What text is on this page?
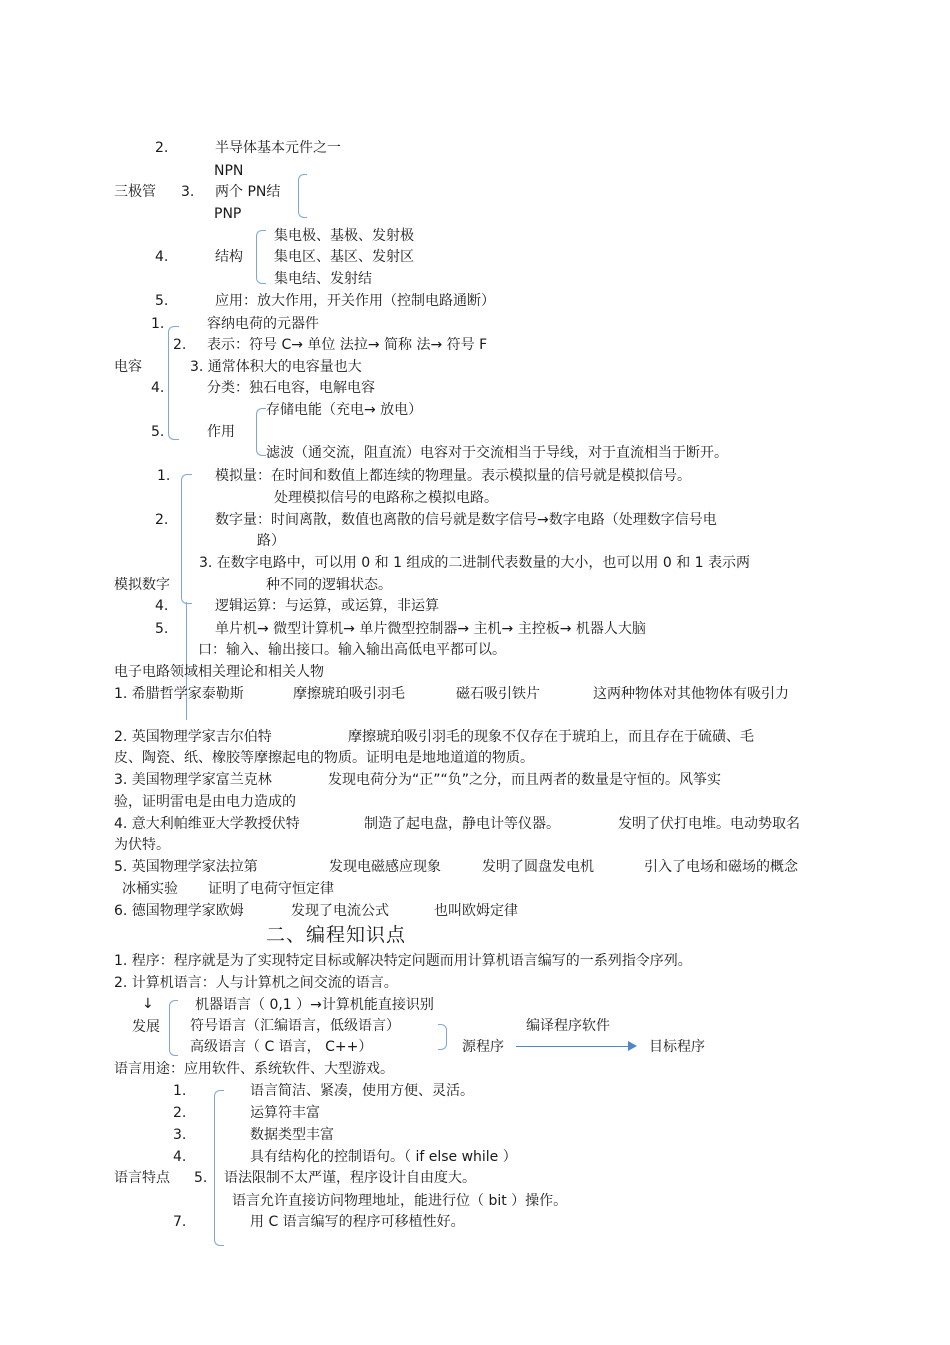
2.	半导体基本元件之一
NPN
三极管 3. 两个 PN结
PNP
4.	结构
集电极、基极、发射极
集电区、基区、发射区
集电结、发射结
5.	应用：放大作用，开关作用（控制电路通断）
1.	容纳电荷的元器件
2. 表示：符号 C→ 单位 法拉→ 简称 法→ 符号 F
电容	3. 通常体积大的电容量也大
4.	分类：独石电容，电解电容
存储电能（充电→ 放电）
5.	作用
滤波（通交流，阻直流）电容对于交流相当于导线，对于直流相当于断开。
1.	模拟量：在时间和数值上都连续的物理量。表示模拟量的信号就是模拟信号。
处理模拟信号的电路称之模拟电路。
2.	数字量：时间离散，数值也离散的信号就是数字信号→数字电路（处理数字信号电
路）
3. 在数字电路中，可以用 0 和 1 组成的二进制代表数量的大小，也可以用 0 和 1 表示两
模拟数字	种不同的逻辑状态。
4.	逻辑运算：与运算，或运算，非运算
5.	单片机→ 微型计算机→ 单片微型控制器→ 主机→ 主控板→ 机器人大脑
口：输入、输出接口。输入输出高低电平都可以。
电子电路领域相关理论和相关人物
1. 希腊哲学家泰勒斯	摩擦琥珀吸引羽毛	磁石吸引铁片	这两种物体对其他物体有吸引力
2. 英国物理学家吉尔伯特	摩擦琥珀吸引羽毛的现象不仅存在于琥珀上，而且存在于硫磺、毛
皮、陶瓷、纸、橡胶等摩擦起电的物质。证明电是地地道道的物质。
3. 美国物理学家富兰克林	发现电荷分为“正”“负”之分，而且两者的数量是守恒的。风筝实
验，证明雷电是由电力造成的
4. 意大利帕维亚大学教授伏特	制造了起电盘，静电计等仪器。	发明了伏打电堆。电动势取名
为伏特。
5. 英国物理学家法拉第	发现电磁感应现象	发明了圆盘发电机	引入了电场和磁场的概念
冰桶实验 证明了电荷守恒定律
6. 德国物理学家欧姆	发现了电流公式	也叫欧姆定律
二、编程知识点
1. 程序：程序就是为了实现特定目标或解决特定问题而用计算机语言编写的一系列指令序列。
2. 计算机语言：人与计算机之间交流的语言。
↓
发展
机器语言（ 0,1 ）→计算机能直接识别
符号语言（汇编语言，低级语言）
高级语言（ C 语言， C++）
编译程序软件
源程序	目标程序
语言用途：应用软件、系统软件、大型游戏。
1.	语言简洁、紧凑，使用方便、灵活。
2.	运算符丰富
3.	数据类型丰富
4.	具有结构化的控制语句。（ if else while ）
语言特点 5. 语法限制不太严谨，程序设计自由度大。
语言允许直接访问物理地址，能进行位（ bit ）操作。
7.	用 C 语言编写的程序可移植性好。
